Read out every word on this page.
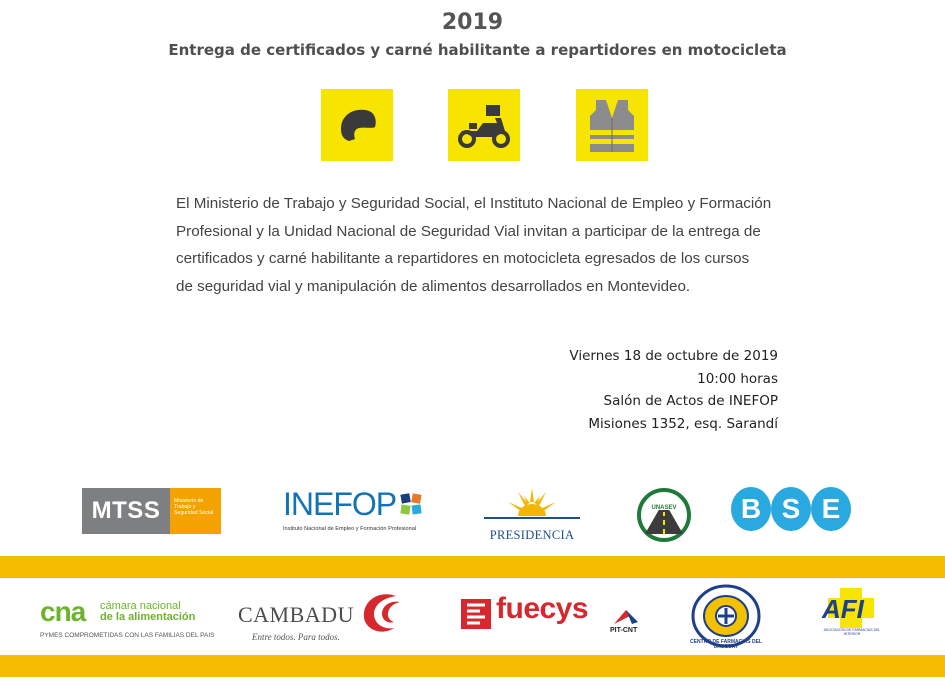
2019
Entrega de certificados y carné habilitante a repartidores en motocicleta
El Ministerio de Trabajo y Seguridad Social, el Instituto Nacional de Empleo y Formación
Profesional y la Unidad Nacional de Seguridad Vial invitan a participar de la entrega de
certificados y carné habilitante a repartidores en motocicleta egresados de los cursos
de seguridad vial y manipulación de alimentos desarrollados en Montevideo.
Viernes 18 de octubre de 2019
10:00 horas
Salón de Actos de INEFOP
Misiones 1352, esq. Sarandí
MTSS	Ministerio de Trabajo y Seguridad Social INEFOP
Instituto Nacional de Empleo y Formación Profesional	PRESIDENCIA
UNASEV	B S E
cna cámara nacional
de la alimentación
PYMES COMPROMETIDAS CON LAS FAMILIAS DEL PAIS
CAMBADU
Entre todos. Para todos.
fuecys
PIT-CNT
CENTRO DE FARMACIAS DEL URUGUAY
AFI
ASOCIACIÓN DE FARMACIAS DEL INTERIOR
